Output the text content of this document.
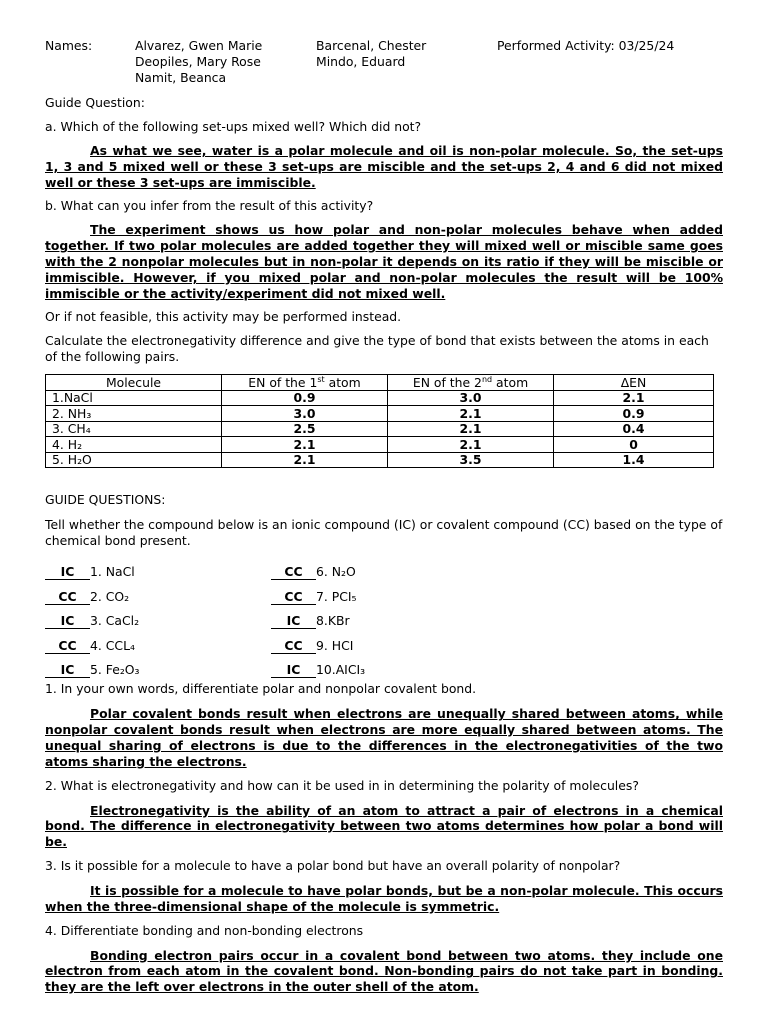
Names:	Alvarez, Gwen Marie
Deopiles, Mary Rose
Namit, Beanca
Barcenal, Chester
Mindo, Eduard
Performed Activity: 03/25/24

Guide Question:

a. Which of the following set-ups mixed well? Which did not?

As what we see, water is a polar molecule and oil is non-polar molecule. So, the set-ups 1, 3 and 5 mixed well or these 3 set-ups are miscible and the set-ups 2, 4 and 6 did not mixed well or these 3 set-ups are immiscible.

b. What can you infer from the result of this activity?

The experiment shows us how polar and non-polar molecules behave when added together. If two polar molecules are added together they will mixed well or miscible same goes with the 2 nonpolar molecules but in non-polar it depends on its ratio if they will be miscible or immiscible. However, if you mixed polar and non-polar molecules the result will be 100% immiscible or the activity/experiment did not mixed well.

Or if not feasible, this activity may be performed instead.

Calculate the electronegativity difference and give the type of bond that exists between the atoms in each of the following pairs.

Molecule	EN of the 1st atom	EN of the 2nd atom	ΔEN
1.NaCl	0.9	3.0	2.1
2. NH₃	3.0	2.1	0.9
3. CH₄	2.5	2.1	0.4
4. H₂	2.1	2.1	0
5. H₂O	2.1	3.5	1.4

GUIDE QUESTIONS:

Tell whether the compound below is an ionic compound (IC) or covalent compound (CC) based on the type of chemical bond present.

IC 1. NaCl
CC 2. CO₂
IC 3. CaCl₂
CC 4. CCL₄
IC 5. Fe₂O₃
CC 6. N₂O
CC 7. PCI₅
IC 8.KBr
CC 9. HCI
IC 10.AICI₃

1. In your own words, differentiate polar and nonpolar covalent bond.

Polar covalent bonds result when electrons are unequally shared between atoms, while nonpolar covalent bonds result when electrons are more equally shared between atoms. The unequal sharing of electrons is due to the differences in the electronegativities of the two atoms sharing the electrons.

2. What is electronegativity and how can it be used in in determining the polarity of molecules?

Electronegativity is the ability of an atom to attract a pair of electrons in a chemical bond. The difference in electronegativity between two atoms determines how polar a bond will be.

3. Is it possible for a molecule to have a polar bond but have an overall polarity of nonpolar?

It is possible for a molecule to have polar bonds, but be a non-polar molecule. This occurs when the three-dimensional shape of the molecule is symmetric.

4. Differentiate bonding and non-bonding electrons

Bonding electron pairs occur in a covalent bond between two atoms. they include one electron from each atom in the covalent bond. Non-bonding pairs do not take part in bonding. they are the left over electrons in the outer shell of the atom.
